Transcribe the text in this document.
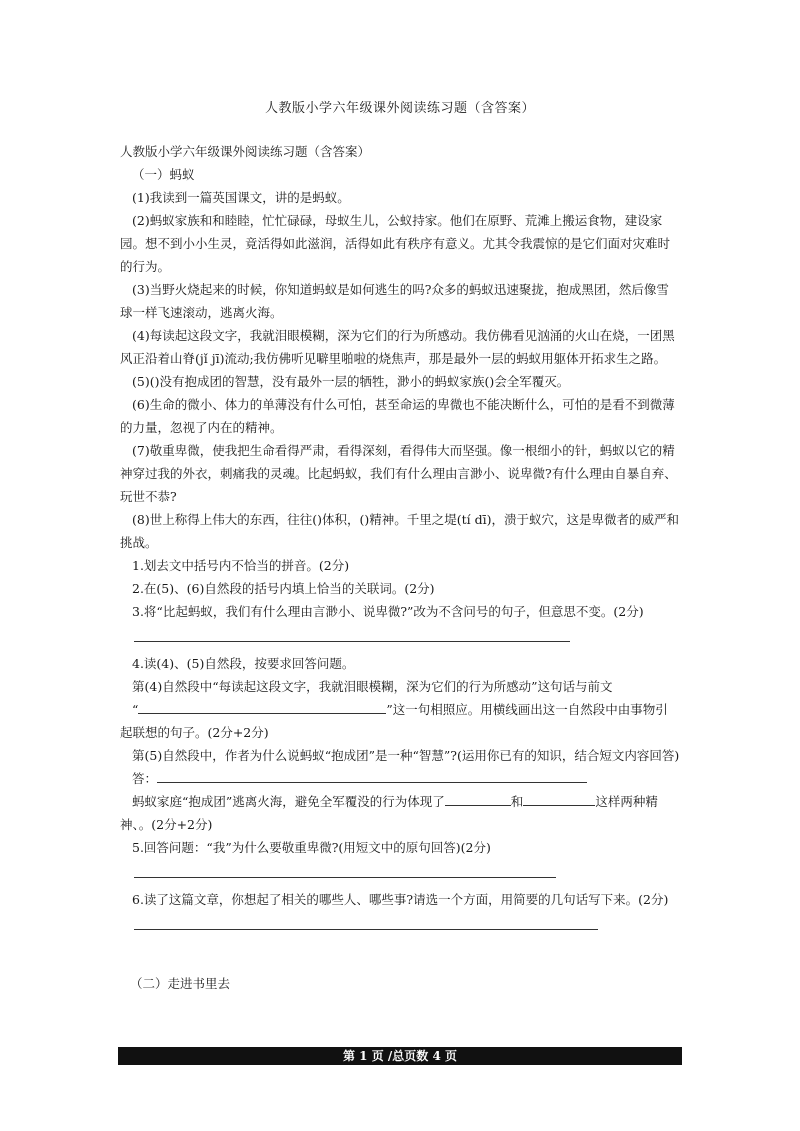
人教版小学六年级课外阅读练习题（含答案）

人教版小学六年级课外阅读练习题（含答案）

（一）蚂蚁

(1)我读到一篇英国课文，讲的是蚂蚁。

(2)蚂蚁家族和和睦睦，忙忙碌碌，母蚁生儿，公蚁持家。他们在原野、荒滩上搬运食物，建设家园。想不到小小生灵，竟活得如此滋润，活得如此有秩序有意义。尤其令我震惊的是它们面对灾难时的行为。

(3)当野火烧起来的时候，你知道蚂蚁是如何逃生的吗?众多的蚂蚁迅速聚拢，抱成黑团，然后像雪球一样飞速滚动，逃离火海。

(4)每读起这段文字，我就泪眼模糊，深为它们的行为所感动。我仿佛看见汹涌的火山在烧，一团黑风正沿着山脊(jǐ jī)流动;我仿佛听见噼里啪啦的烧焦声，那是最外一层的蚂蚁用躯体开拓求生之路。

(5)()没有抱成团的智慧，没有最外一层的牺牲，渺小的蚂蚁家族()会全军覆灭。

(6)生命的微小、体力的单薄没有什么可怕，甚至命运的卑微也不能决断什么，可怕的是看不到微薄的力量，忽视了内在的精神。

(7)敬重卑微，使我把生命看得严肃，看得深刻，看得伟大而坚强。像一根细小的针，蚂蚁以它的精神穿过我的外衣，刺痛我的灵魂。比起蚂蚁，我们有什么理由言渺小、说卑微?有什么理由自暴自弃、玩世不恭?

(8)世上称得上伟大的东西，往往()体积，()精神。千里之堤(tí dī)，溃于蚁穴，这是卑微者的威严和挑战。

1.划去文中括号内不恰当的拼音。(2分)

2.在(5)、(6)自然段的括号内填上恰当的关联词。(2分)

3.将“比起蚂蚁，我们有什么理由言渺小、说卑微?”改为不含问号的句子，但意思不变。(2分)

4.读(4)、(5)自然段，按要求回答问题。

第(4)自然段中“每读起这段文字，我就泪眼模糊，深为它们的行为所感动”这句话与前文

“	”这一句相照应。用横线画出这一自然段中由事物引起联想的句子。(2分+2分)

第(5)自然段中，作者为什么说蚂蚁“抱成团”是一种“智慧”?(运用你已有的知识，结合短文内容回答)

答：

蚂蚁家庭“抱成团”逃离火海，避免全军覆没的行为体现了	和	这样两种精神、。(2分+2分)

5.回答问题：“我”为什么要敬重卑微?(用短文中的原句回答)(2分)

6.读了这篇文章，你想起了相关的哪些人、哪些事?请选一个方面，用简要的几句话写下来。(2分)

（二）走进书里去
第 1 页 /总页数 4 页
